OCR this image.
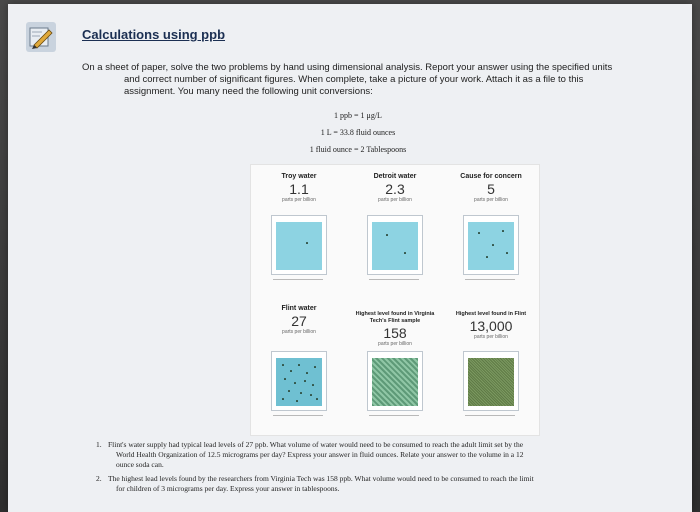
Calculations using ppb
On a sheet of paper, solve the two problems by hand using dimensional analysis. Report your answer using the specified units
and correct number of significant figures. When complete, take a picture of your work. Attach it as a file to this
assignment. You many need the following unit conversions:
1 ppb = 1 μg/L
1 L = 33.8 fluid ounces
1 fluid ounce = 2 Tablespoons
Troy water
1.1
parts per billion
Detroit water
2.3
parts per billion
Cause for concern
5
parts per billion
Flint water
27
parts per billion
Highest level found in Virginia Tech's Flint sample
158
parts per billion
Highest level found in Flint
13,000
parts per billion
1. Flint's water supply had typical lead levels of 27 ppb. What volume of water would need to be consumed to reach the adult limit set by the
World Health Organization of 12.5 micrograms per day? Express your answer in fluid ounces. Relate your answer to the volume in a 12
ounce soda can.
2. The highest lead levels found by the researchers from Virginia Tech was 158 ppb. What volume would need to be consumed to reach the limit
for children of 3 micrograms per day. Express your answer in tablespoons.
